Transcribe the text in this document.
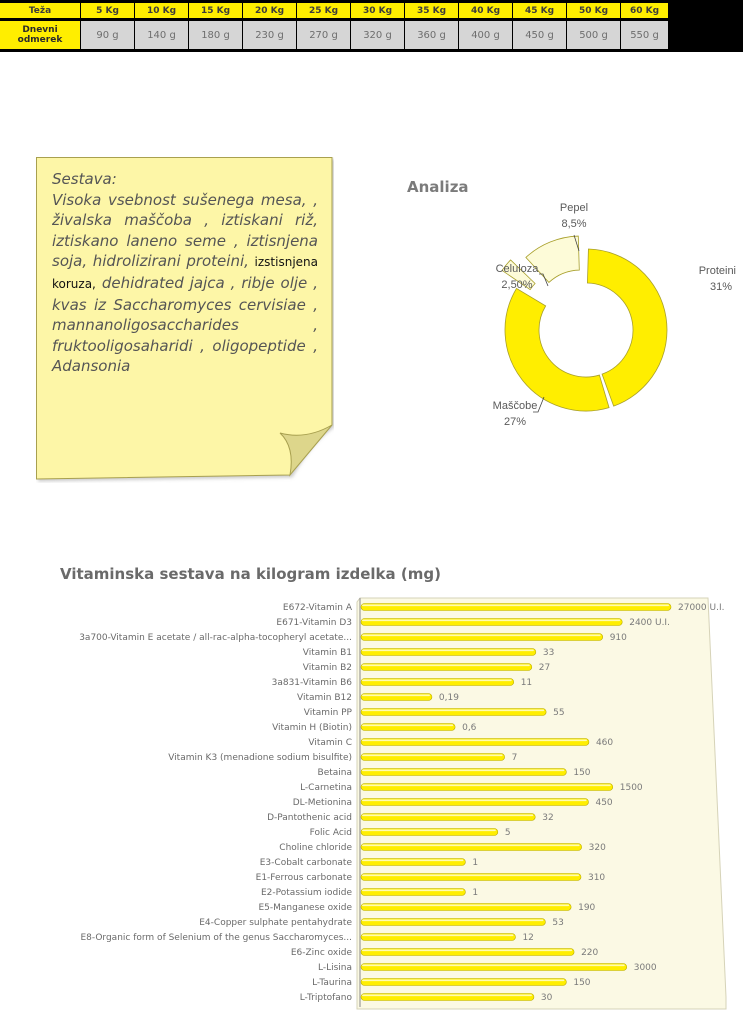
Teža	5 Kg	10 Kg	15 Kg	20 Kg	25 Kg	30 Kg	35 Kg	40 Kg	45 Kg	50 Kg	60 Kg
Dnevni odmerek	90 g	140 g	180 g	230 g	270 g	320 g	360 g	400 g	450 g	500 g	550 g
Sestava:
Visoka vsebnost sušenega mesa, , živalska maščoba , iztiskani riž, iztiskano laneno seme , iztisnjena soja, hidrolizirani proteini, izstisnjena koruza, dehidrated jajca , ribje olje , kvas iz Saccharomyces cervisiae , mannanoligosaccharides , fruktooligosaharidi , oligopeptide , Adansonia
Analiza
Proteini
31%
Maščobe
27%
Celuloza
2,50%
Pepel
8,5%
Vitaminska sestava na kilogram izdelka (mg)
E672-Vitamin A	27000 U.I.
E671-Vitamin D3	2400 U.I.
3a700-Vitamin E acetate / all-rac-alpha-tocopheryl acetate...	910
Vitamin B1	33
Vitamin B2	27
3a831-Vitamin B6	11
Vitamin B12	0,19
Vitamin PP	55
Vitamin H (Biotin)	0,6
Vitamin C	460
Vitamin K3 (menadione sodium bisulfite)	7
Betaina	150
L-Carnetina	1500
DL-Metionina	450
D-Pantothenic acid	32
Folic Acid	5
Choline chloride	320
E3-Cobalt carbonate	1
E1-Ferrous carbonate	310
E2-Potassium iodide	1
E5-Manganese oxide	190
E4-Copper sulphate pentahydrate	53
E8-Organic form of Selenium of the genus Saccharomyces...	12
E6-Zinc oxide	220
L-Lisina	3000
L-Taurina	150
L-Triptofano	30
